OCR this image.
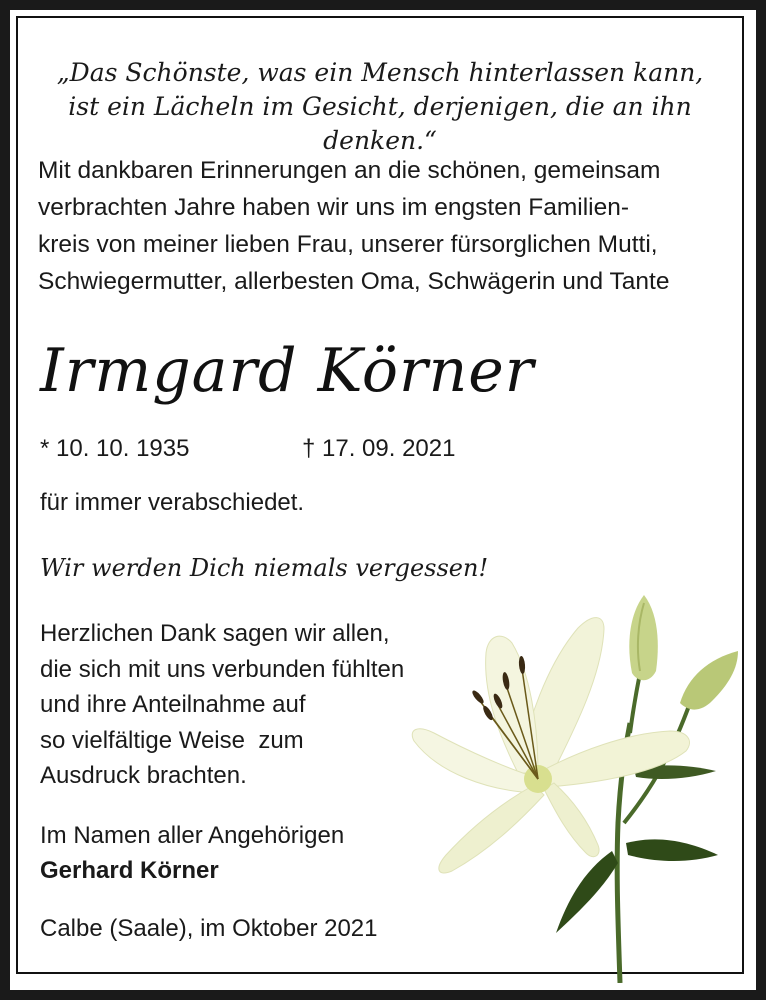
„Das Schönste, was ein Mensch hinterlassen kann,
ist ein Lächeln im Gesicht, derjenigen, die an ihn denken.“
Mit dankbaren Erinnerungen an die schönen, gemeinsam
verbrachten Jahre haben wir uns im engsten Familien-
kreis von meiner lieben Frau, unserer fürsorglichen Mutti,
Schwiegermutter, allerbesten Oma, Schwägerin und Tante
Irmgard Körner
* 10. 10. 1935	† 17. 09. 2021
für immer verabschiedet.
Wir werden Dich niemals vergessen!
Herzlichen Dank sagen wir allen,
die sich mit uns verbunden fühlten
und ihre Anteilnahme auf
so vielfältige Weise  zum
Ausdruck brachten.
Im Namen aller Angehörigen
Gerhard Körner
Calbe (Saale), im Oktober 2021
